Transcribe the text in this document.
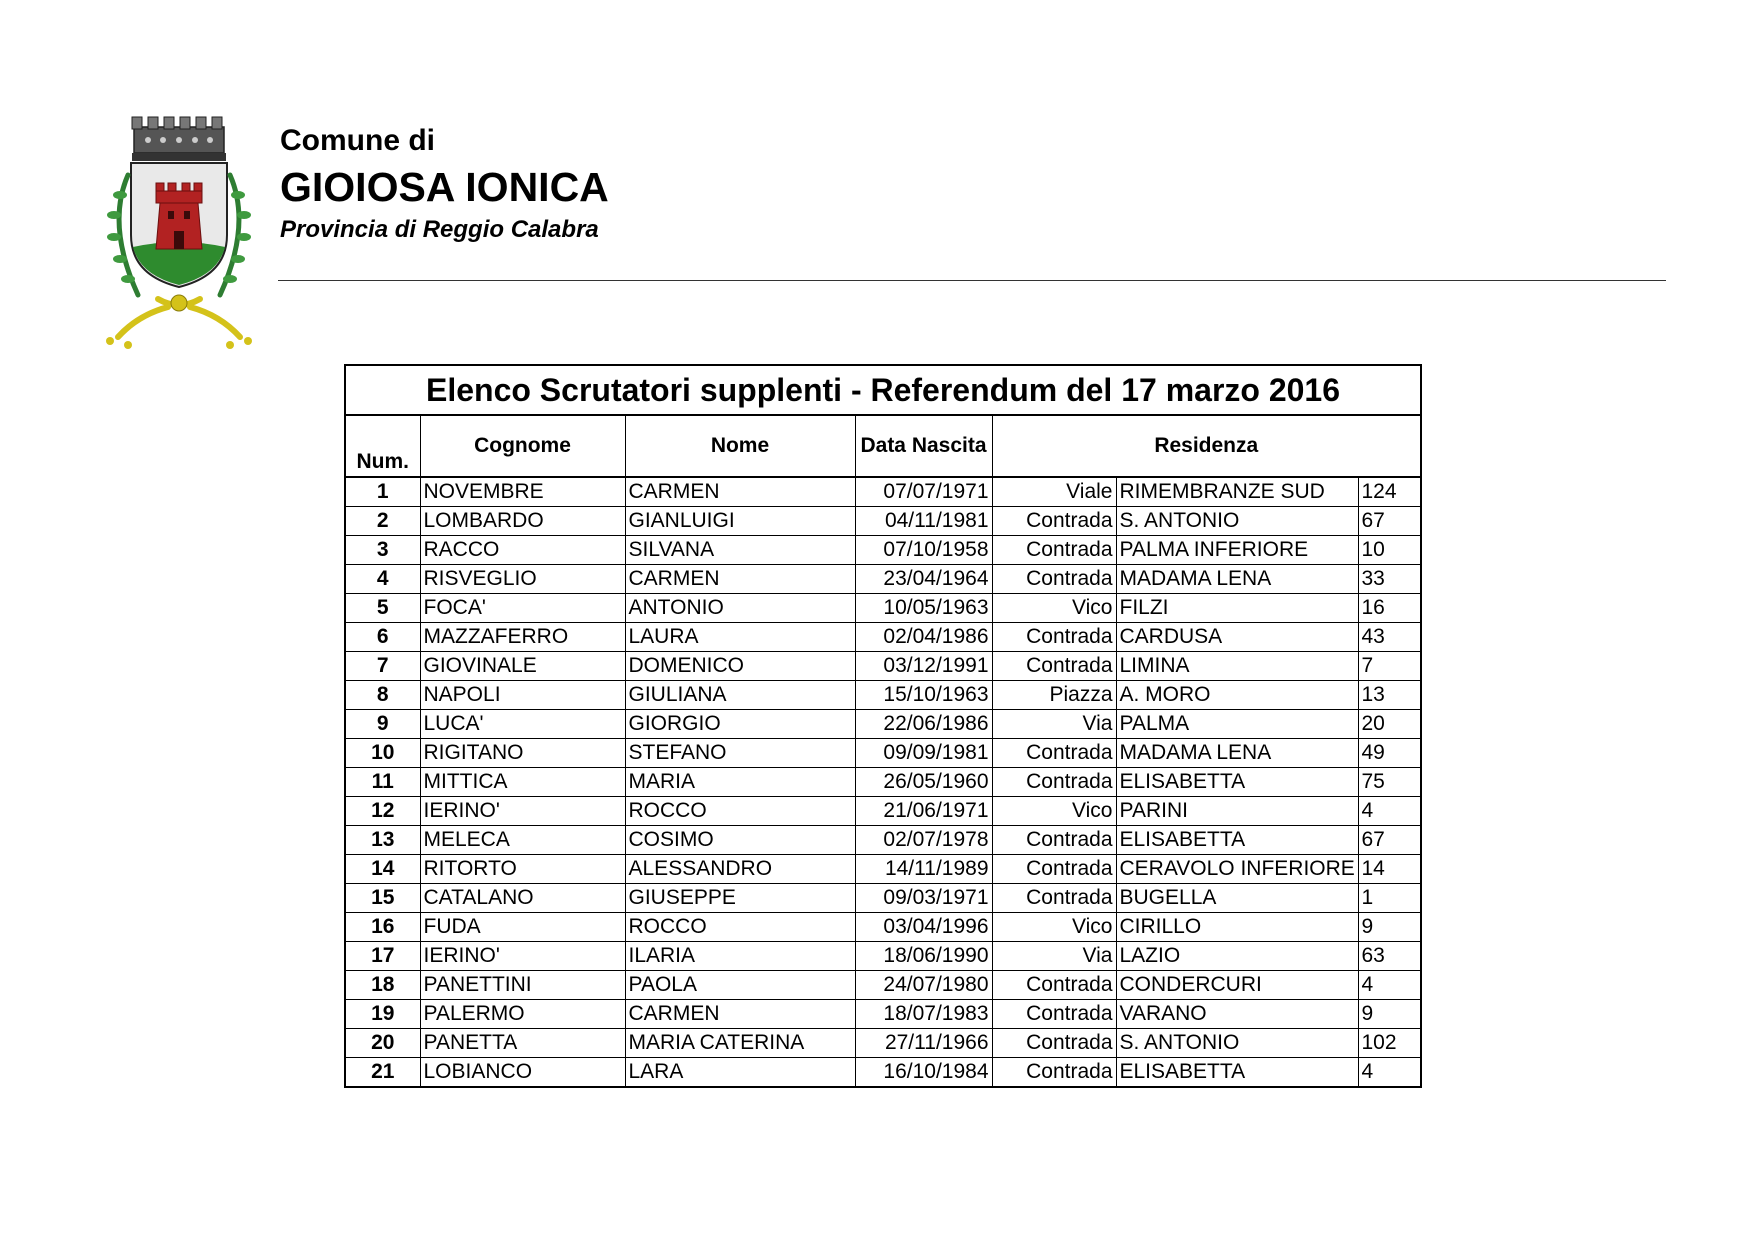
Comune di
GIOIOSA IONICA
Provincia di Reggio Calabra
Elenco Scrutatori supplenti - Referendum del 17 marzo 2016						
Num.	Cognome	Nome	Data Nascita	Residenza		
1	NOVEMBRE	CARMEN	07/07/1971	Viale	RIMEMBRANZE SUD	124
2	LOMBARDO	GIANLUIGI	04/11/1981	Contrada	S. ANTONIO	67
3	RACCO	SILVANA	07/10/1958	Contrada	PALMA INFERIORE	10
4	RISVEGLIO	CARMEN	23/04/1964	Contrada	MADAMA LENA	33
5	FOCA'	ANTONIO	10/05/1963	Vico	FILZI	16
6	MAZZAFERRO	LAURA	02/04/1986	Contrada	CARDUSA	43
7	GIOVINALE	DOMENICO	03/12/1991	Contrada	LIMINA	7
8	NAPOLI	GIULIANA	15/10/1963	Piazza	A. MORO	13
9	LUCA'	GIORGIO	22/06/1986	Via	PALMA	20
10	RIGITANO	STEFANO	09/09/1981	Contrada	MADAMA LENA	49
11	MITTICA	MARIA	26/05/1960	Contrada	ELISABETTA	75
12	IERINO'	ROCCO	21/06/1971	Vico	PARINI	4
13	MELECA	COSIMO	02/07/1978	Contrada	ELISABETTA	67
14	RITORTO	ALESSANDRO	14/11/1989	Contrada	CERAVOLO INFERIORE	14
15	CATALANO	GIUSEPPE	09/03/1971	Contrada	BUGELLA	1
16	FUDA	ROCCO	03/04/1996	Vico	CIRILLO	9
17	IERINO'	ILARIA	18/06/1990	Via	LAZIO	63
18	PANETTINI	PAOLA	24/07/1980	Contrada	CONDERCURI	4
19	PALERMO	CARMEN	18/07/1983	Contrada	VARANO	9
20	PANETTA	MARIA CATERINA	27/11/1966	Contrada	S. ANTONIO	102
21	LOBIANCO	LARA	16/10/1984	Contrada	ELISABETTA	4
